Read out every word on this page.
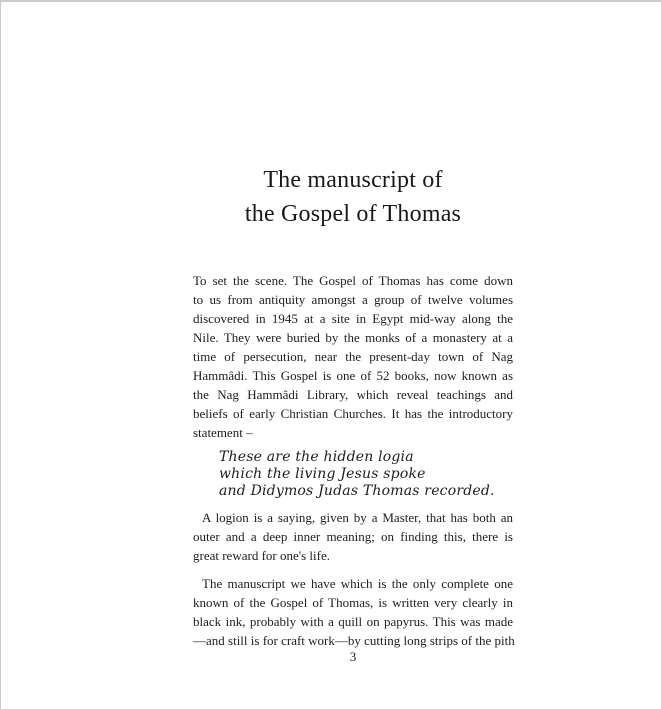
The manuscript of
the Gospel of Thomas
To set the scene. The Gospel of Thomas has come down
to us from antiquity amongst a group of twelve volumes
discovered in 1945 at a site in Egypt mid-way along the
Nile. They were buried by the monks of a monastery at a
time of persecution, near the present-day town of Nag
Hammâdi. This Gospel is one of 52 books, now known as
the Nag Hammâdi Library, which reveal teachings and
beliefs of early Christian Churches. It has the introductory
statement –
These are the hidden logia
which the living Jesus spoke
and Didymos Judas Thomas recorded.
A logion is a saying, given by a Master, that has both an
outer and a deep inner meaning; on finding this, there is
great reward for one's life.
The manuscript we have which is the only complete one
known of the Gospel of Thomas, is written very clearly in
black ink, probably with a quill on papyrus. This was made
—and still is for craft work—by cutting long strips of the pith
3
